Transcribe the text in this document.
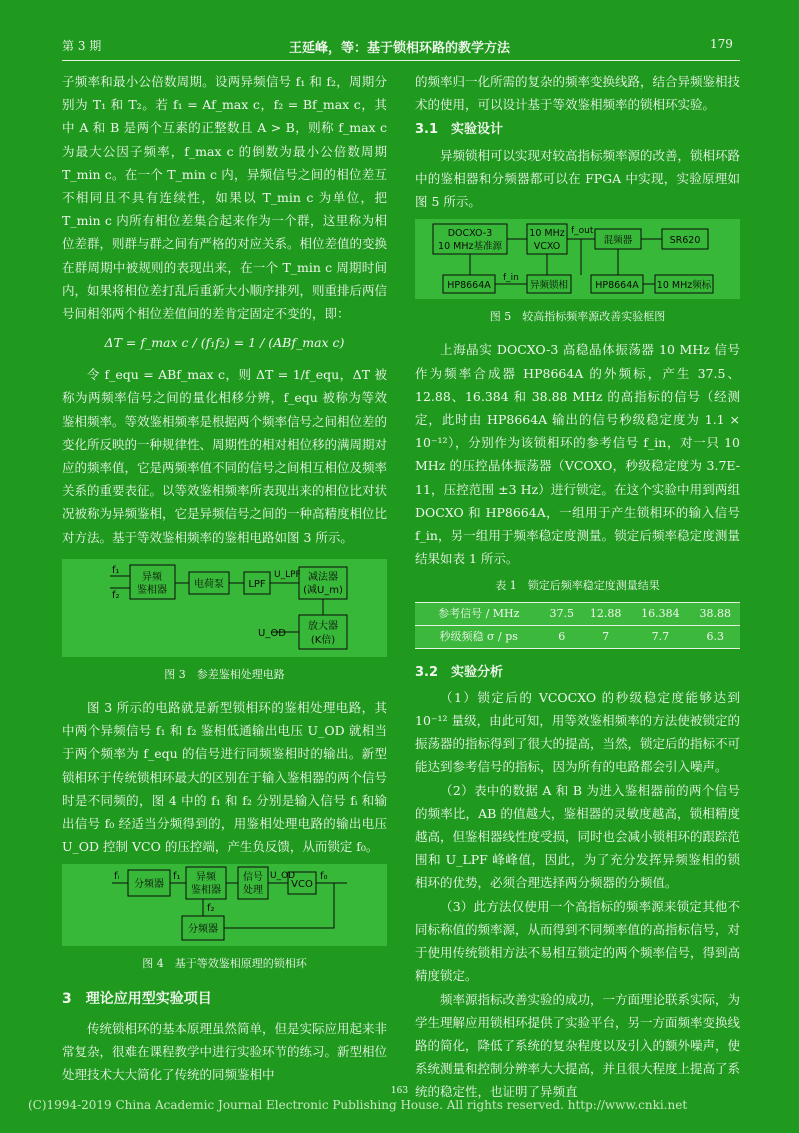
第 3 期	王延峰，等：基于锁相环路的教学方法	179

子频率和最小公倍数周期。设两异频信号 f₁ 和 f₂，周期分别为 T₁ 和 T₂。若 f₁ = Af_max c，f₂ = Bf_max c，其中 A 和 B 是两个互素的正整数且 A > B，则称 f_max c 为最大公因子频率，f_max c 的倒数为最小公倍数周期 T_min c。在一个 T_min c 内，异频信号之间的相位差互不相同且不具有连续性，如果以 T_min c 为单位，把 T_min c 内所有相位差集合起来作为一个群，这里称为相位差群，则群与群之间有严格的对应关系。相位差值的变换在群周期中被规则的表现出来，在一个 T_min c 周期时间内，如果将相位差打乱后重新大小顺序排列，则重排后两信号间相邻两个相位差值间的差肯定固定不变的，即：

ΔT = f_max c / (f₁f₂) = 1 / (ABf_max c)

令 f_equ = ABf_max c，则 ΔT = 1/f_equ，ΔT 被称为两频率信号之间的量化相移分辨，f_equ 被称为等效鉴相频率。等效鉴相频率是根据两个频率信号之间相位差的变化所反映的一种规律性、周期性的相对相位移的满周期对应的频率值，它是两频率值不同的信号之间相互相位及频率关系的重要表征。以等效鉴相频率所表现出来的相位比对状况被称为异频鉴相，它是异频信号之间的一种高精度相位比对方法。基于等效鉴相频率的鉴相电路如图 3 所示。

f₁
f₂
异频
鉴相器
电荷泵 LPF
U_LPF 减法器
(减U_m)
放大器
(K倍)
U_OD
图 3　参差鉴相处理电路

图 3 所示的电路就是新型锁相环的鉴相处理电路，其中两个异频信号 f₁ 和 f₂ 鉴相低通输出电压 U_OD 就相当于两个频率为 f_equ 的信号进行同频鉴相时的输出。新型锁相环于传统锁相环最大的区别在于输入鉴相器的两个信号时是不同频的，图 4 中的 f₁ 和 f₂ 分别是输入信号 fᵢ 和输出信号 f₀ 经适当分频得到的，用鉴相处理电路的输出电压 U_OD 控制 VCO 的压控端，产生负反馈，从而锁定 f₀。

fᵢ
分频器
f₁ 异频
鉴相器
信号
处理
U_OD
VCO
f₀
f₂
分频器
图 4　基于等效鉴相原理的锁相环
3　理论应用型实验项目

传统锁相环的基本原理虽然简单，但是实际应用起来非常复杂，很难在课程教学中进行实验环节的练习。新型相位处理技术大大简化了传统的同频鉴相中

的频率归一化所需的复杂的频率变换线路，结合异频鉴相技术的使用，可以设计基于等效鉴相频率的锁相环实验。

3.1　实验设计

异频锁相可以实现对较高指标频率源的改善，锁相环路中的鉴相器和分频器都可以在 FPGA 中实现，实验原理如图 5 所示。

DOCXO-3
10 MHz基准源
10 MHz
VCXO
f_out
混频器	SR620
HP8664A
f_in
异频锁相	HP8664A 10 MHz频标
图 5　较高指标频率源改善实验框图

上海晶实 DOCXO-3 高稳晶体振荡器 10 MHz 信号作为频率合成器 HP8664A 的外频标，产生 37.5、12.88、16.384 和 38.88 MHz 的高指标的信号（经测定，此时由 HP8664A 输出的信号秒级稳定度为 1.1 × 10⁻¹²），分别作为该锁相环的参考信号 f_in，对一只 10 MHz 的压控晶体振荡器（VCOXO，秒级稳定度为 3.7E-11，压控范围 ±3 Hz）进行锁定。在这个实验中用到两组 DOCXO 和 HP8664A，一组用于产生锁相环的输入信号 f_in，另一组用于频率稳定度测量。锁定后频率稳定度测量结果如表 1 所示。

表 1　锁定后频率稳定度测量结果
参考信号 / MHz	37.5	12.88	16.384	38.88
秒级频稳 σ / ps	6	7	7.7	6.3
3.2　实验分析

（1）锁定后的 VCOCXO 的秒级稳定度能够达到 10⁻¹² 量级，由此可知，用等效鉴相频率的方法使被锁定的振荡器的指标得到了很大的提高，当然，锁定后的指标不可能达到参考信号的指标，因为所有的电路都会引入噪声。

（2）表中的数据 A 和 B 为进入鉴相器前的两个信号的频率比，AB 的值越大，鉴相器的灵敏度越高，锁相精度越高，但鉴相器线性度受损，同时也会减小锁相环的跟踪范围和 U_LPF 峰峰值，因此，为了充分发挥异频鉴相的锁相环的优势，必须合理选择两分频器的分频值。

（3）此方法仅使用一个高指标的频率源来锁定其他不同标称值的频率源，从而得到不同频率值的高指标信号，对于使用传统锁相方法不易相互锁定的两个频率信号，得到高精度锁定。

频率源指标改善实验的成功，一方面理论联系实际，为学生理解应用锁相环提供了实验平台，另一方面频率变换线路的简化，降低了系统的复杂程度以及引入的额外噪声，使系统测量和控制分辨率大大提高，并且很大程度上提高了系统的稳定性，也证明了异频直

163
(C)1994-2019 China Academic Journal Electronic Publishing House. All rights reserved. http://www.cnki.net
